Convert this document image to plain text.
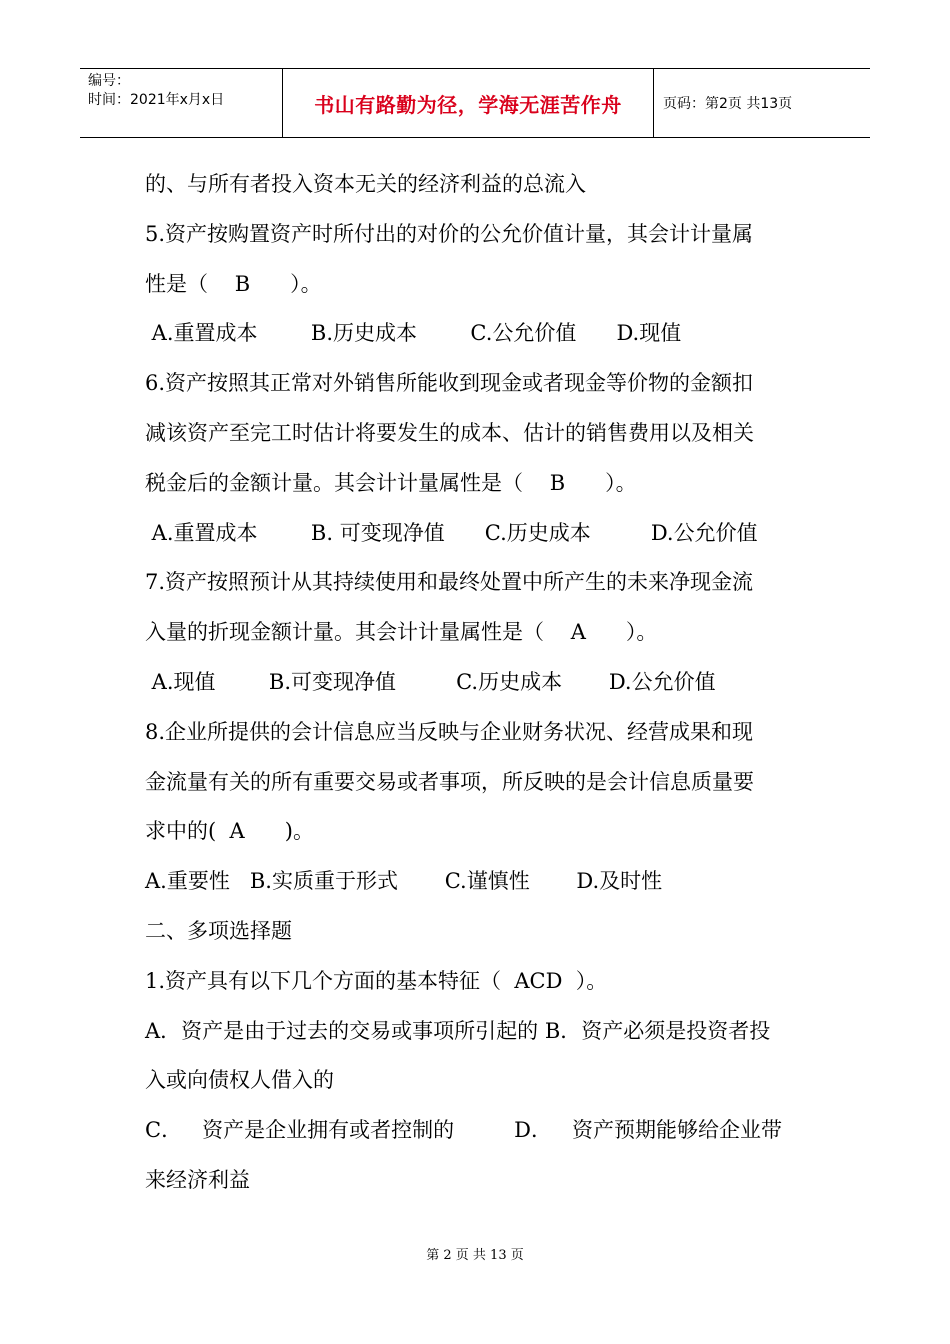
编号：
时间：2021年x月x日	书山有路勤为径，学海无涯苦作舟	页码：第2页 共13页
的、与所有者投入资本无关的经济利益的总流入
5.资产按购置资产时所付出的对价的公允价值计量，其会计计量属
性是（    B      ）。
A.重置成本        B.历史成本        C.公允价值      D.现值
6.资产按照其正常对外销售所能收到现金或者现金等价物的金额扣
减该资产至完工时估计将要发生的成本、估计的销售费用以及相关
税金后的金额计量。其会计计量属性是（    B      ）。
A.重置成本        B. 可变现净值      C.历史成本         D.公允价值
7.资产按照预计从其持续使用和最终处置中所产生的未来净现金流
入量的折现金额计量。其会计计量属性是（    A      ）。
A.现值        B.可变现净值         C.历史成本       D.公允价值
8.企业所提供的会计信息应当反映与企业财务状况、经营成果和现
金流量有关的所有重要交易或者事项，所反映的是会计信息质量要
求中的(  A      )。
A.重要性   B.实质重于形式       C.谨慎性       D.及时性
二、多项选择题
1.资产具有以下几个方面的基本特征（  ACD  ）。
A．资产是由于过去的交易或事项所引起的 B．资产必须是投资者投
入或向债权人借入的
C．   资产是企业拥有或者控制的         D．   资产预期能够给企业带
来经济利益
第 2 页 共 13 页
